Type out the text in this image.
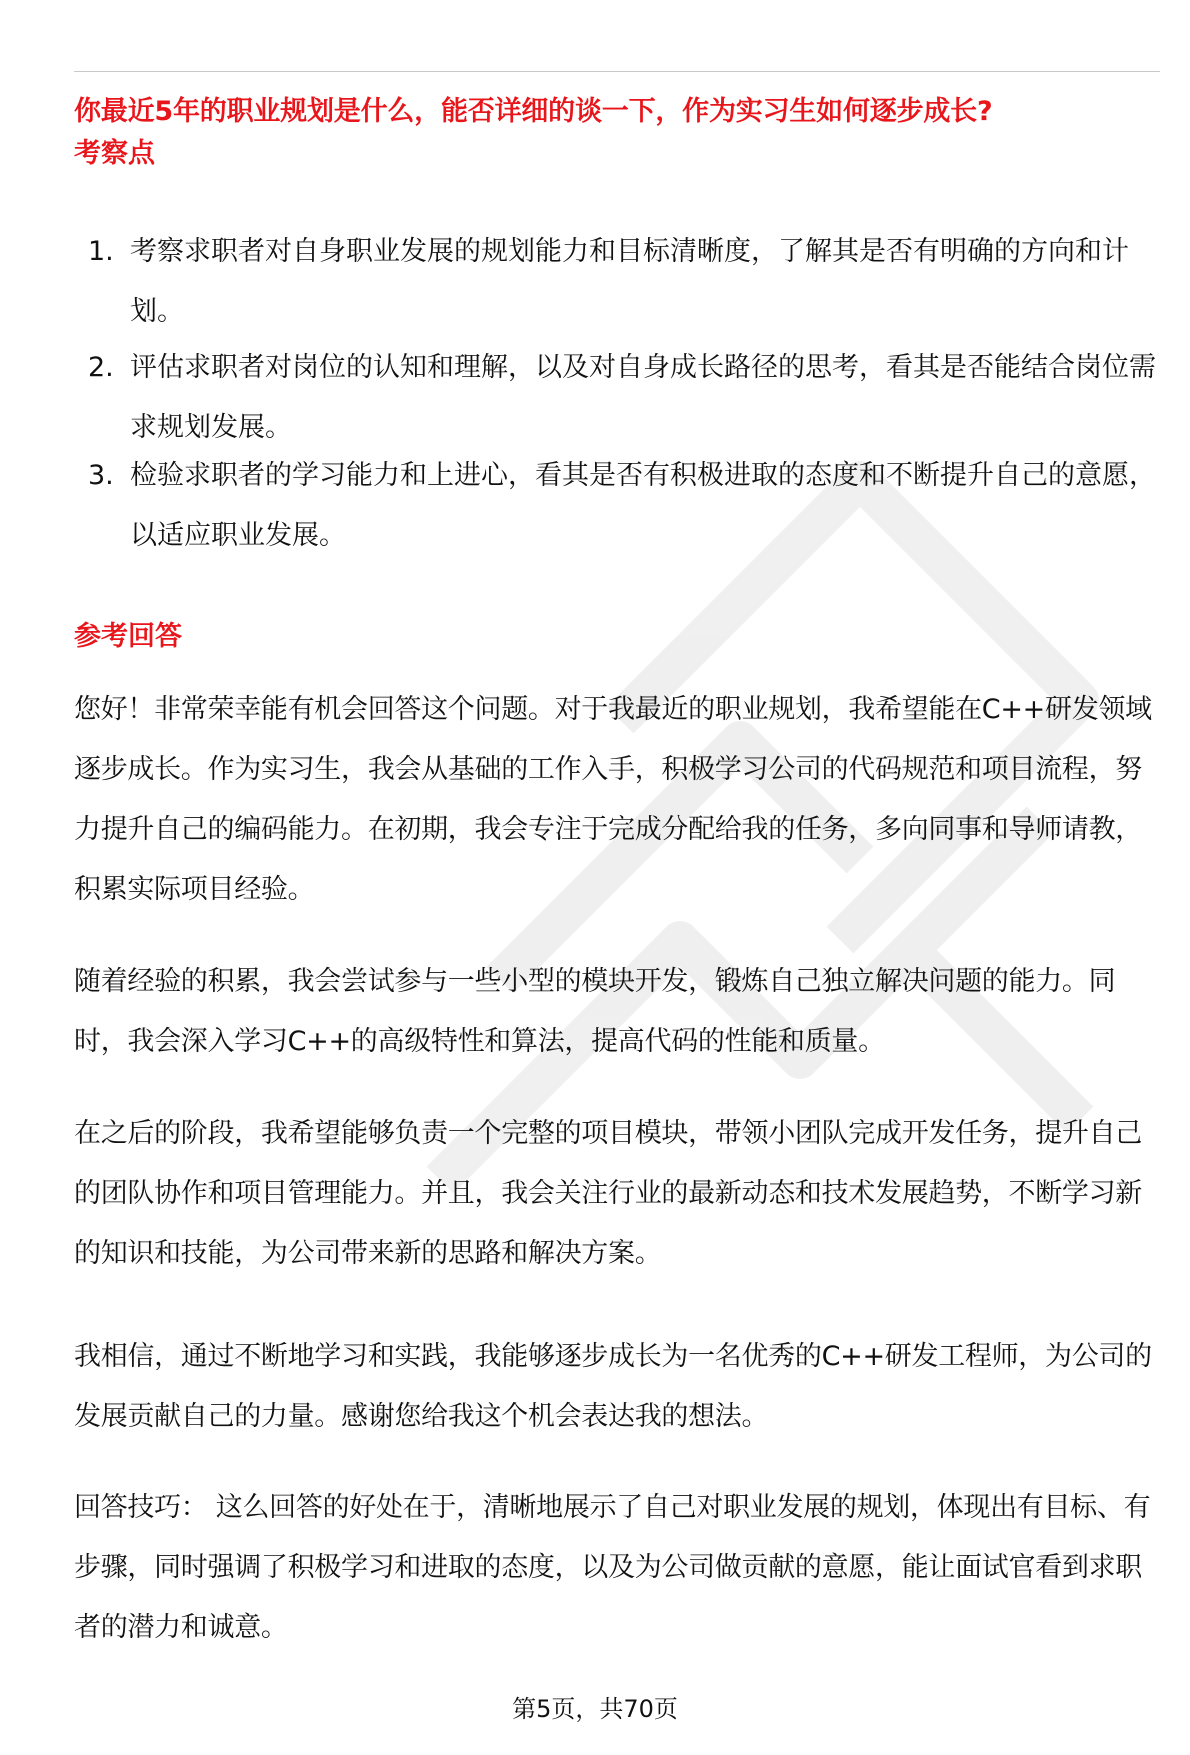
你最近5年的职业规划是什么，能否详细的谈一下，作为实习生如何逐步成长?
考察点
1. 考察求职者对自身职业发展的规划能力和目标清晰度，了解其是否有明确的方向和计划。
2. 评估求职者对岗位的认知和理解，以及对自身成长路径的思考，看其是否能结合岗位需求规划发展。
3. 检验求职者的学习能力和上进心，看其是否有积极进取的态度和不断提升自己的意愿，以适应职业发展。
参考回答

您好！非常荣幸能有机会回答这个问题。对于我最近的职业规划，我希望能在C++研发领域逐步成长。作为实习生，我会从基础的工作入手，积极学习公司的代码规范和项目流程，努力提升自己的编码能力。在初期，我会专注于完成分配给我的任务，多向同事和导师请教，积累实际项目经验。

随着经验的积累，我会尝试参与一些小型的模块开发，锻炼自己独立解决问题的能力。同时，我会深入学习C++的高级特性和算法，提高代码的性能和质量。

在之后的阶段，我希望能够负责一个完整的项目模块，带领小团队完成开发任务，提升自己的团队协作和项目管理能力。并且，我会关注行业的最新动态和技术发展趋势，不断学习新的知识和技能，为公司带来新的思路和解决方案。

我相信，通过不断地学习和实践，我能够逐步成长为一名优秀的C++研发工程师，为公司的发展贡献自己的力量。感谢您给我这个机会表达我的想法。

回答技巧： 这么回答的好处在于，清晰地展示了自己对职业发展的规划，体现出有目标、有步骤，同时强调了积极学习和进取的态度，以及为公司做贡献的意愿，能让面试官看到求职者的潜力和诚意。

第5页，共70页
